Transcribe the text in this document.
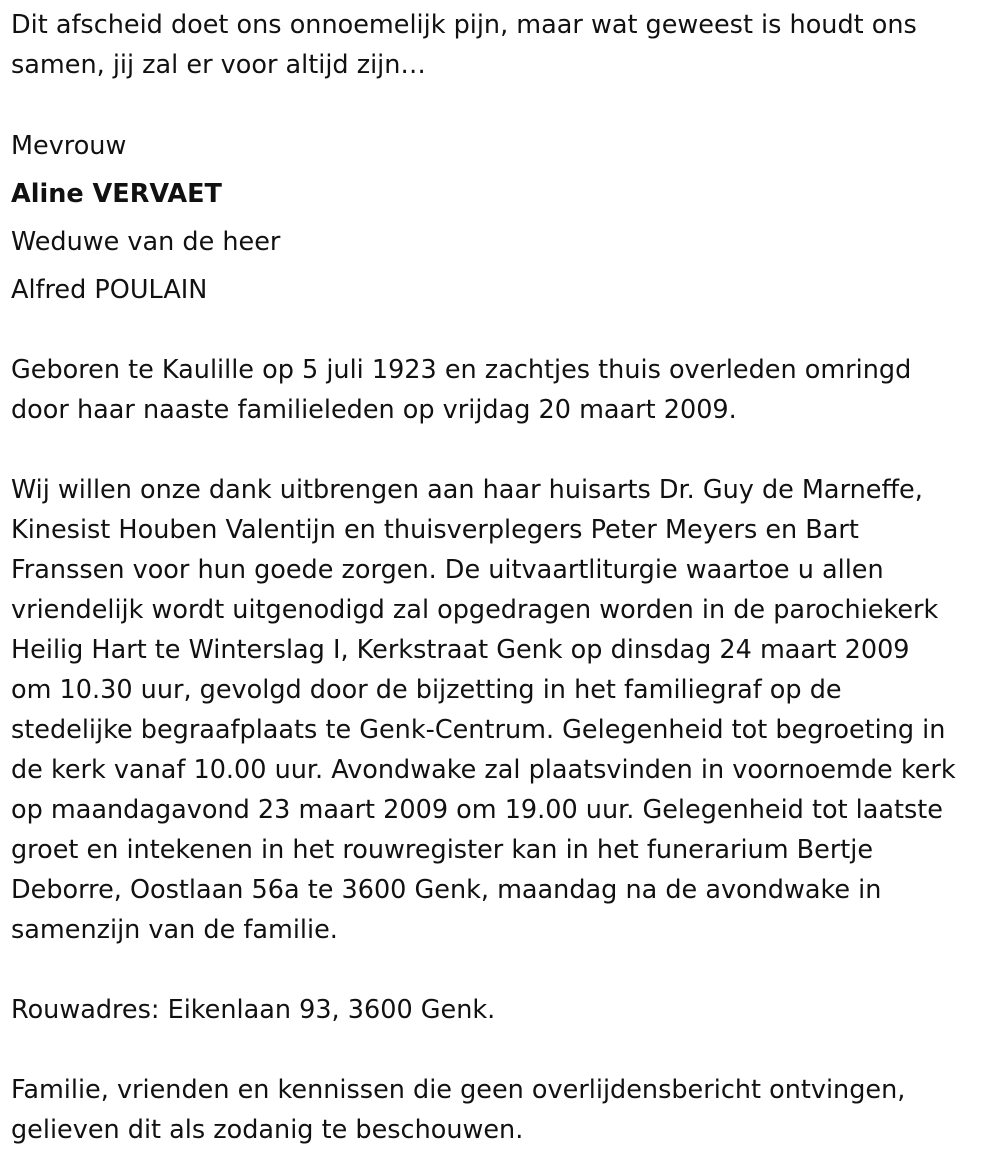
Dit afscheid doet ons onnoemelijk pijn, maar wat geweest is houdt ons
samen, jij zal er voor altijd zijn…
Mevrouw
Aline VERVAET
Weduwe van de heer
Alfred POULAIN
Geboren te Kaulille op 5 juli 1923 en zachtjes thuis overleden omringd
door haar naaste familieleden op vrijdag 20 maart 2009.
Wij willen onze dank uitbrengen aan haar huisarts Dr. Guy de Marneffe,
Kinesist Houben Valentijn en thuisverplegers Peter Meyers en Bart
Franssen voor hun goede zorgen. De uitvaartliturgie waartoe u allen
vriendelijk wordt uitgenodigd zal opgedragen worden in de parochiekerk
Heilig Hart te Winterslag I, Kerkstraat Genk op dinsdag 24 maart 2009
om 10.30 uur, gevolgd door de bijzetting in het familiegraf op de
stedelijke begraafplaats te Genk-Centrum. Gelegenheid tot begroeting in
de kerk vanaf 10.00 uur. Avondwake zal plaatsvinden in voornoemde kerk
op maandagavond 23 maart 2009 om 19.00 uur. Gelegenheid tot laatste
groet en intekenen in het rouwregister kan in het funerarium Bertje
Deborre, Oostlaan 56a te 3600 Genk, maandag na de avondwake in
samenzijn van de familie.
Rouwadres: Eikenlaan 93, 3600 Genk.
Familie, vrienden en kennissen die geen overlijdensbericht ontvingen,
gelieven dit als zodanig te beschouwen.
